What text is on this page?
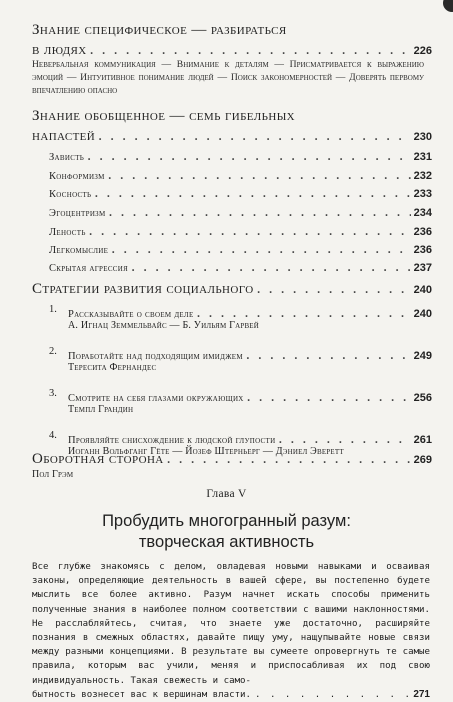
Знание специфическое — разбираться
в людях . . .	226
Невербальная коммуникация — Внимание к деталям — Присматривается к выражению эмоций — Интуитивное понимание людей — Поиск закономерностей — Доверять первому впечатлению опасно
Знание обобщенное — семь гибельных
напастей . . .	230
Зависть . . .	231
Конформизм . . .	232
Косность . . .	233
Эгоцентризм . . .	234
Леность . . .	236
Легкомыслие . . .	236
Скрытая агрессия . . .	237
Стратегии развития социального . . .	240
1. Рассказывайте о своем деле . . .	240
А. Игнац Земмельвайс — Б. Уильям Гарвей
2. Поработайте над подходящим имиджем . . .	249
Тересита Фернандес
3. Смотрите на себя глазами окружающих . . .	256
Темпл Грандин
4. Проявляйте снисхождение к людской глупости . . .	261
Иоганн Вольфганг Гёте — Йозеф Штерньерг — Дэниел Эверетт
Оборотная сторона . . .	269
Пол Грэм
Глава V
Пробудить многогранный разум:
творческая активность
Все глубже знакомясь с делом, овладевая новыми навыками и осваивая законы, определяющие деятельность в вашей сфере, вы постепенно будете мыслить все более активно. Разум начнет искать способы применить полученные знания в наиболее полном соответствии с вашими наклонностями. Не расслабляйтесь, считая, что знаете уже достаточно, расширяйте познания в смежных областях, давайте пищу уму, нащупывайте новые связи между разными концепциями. В результате вы сумеете опровергнуть те самые правила, которым вас учили, меняя и приспосабливая их под свою индивидуальность. Такая свежесть и само-
бытность вознесет вас к вершинам власти. . . .	271
